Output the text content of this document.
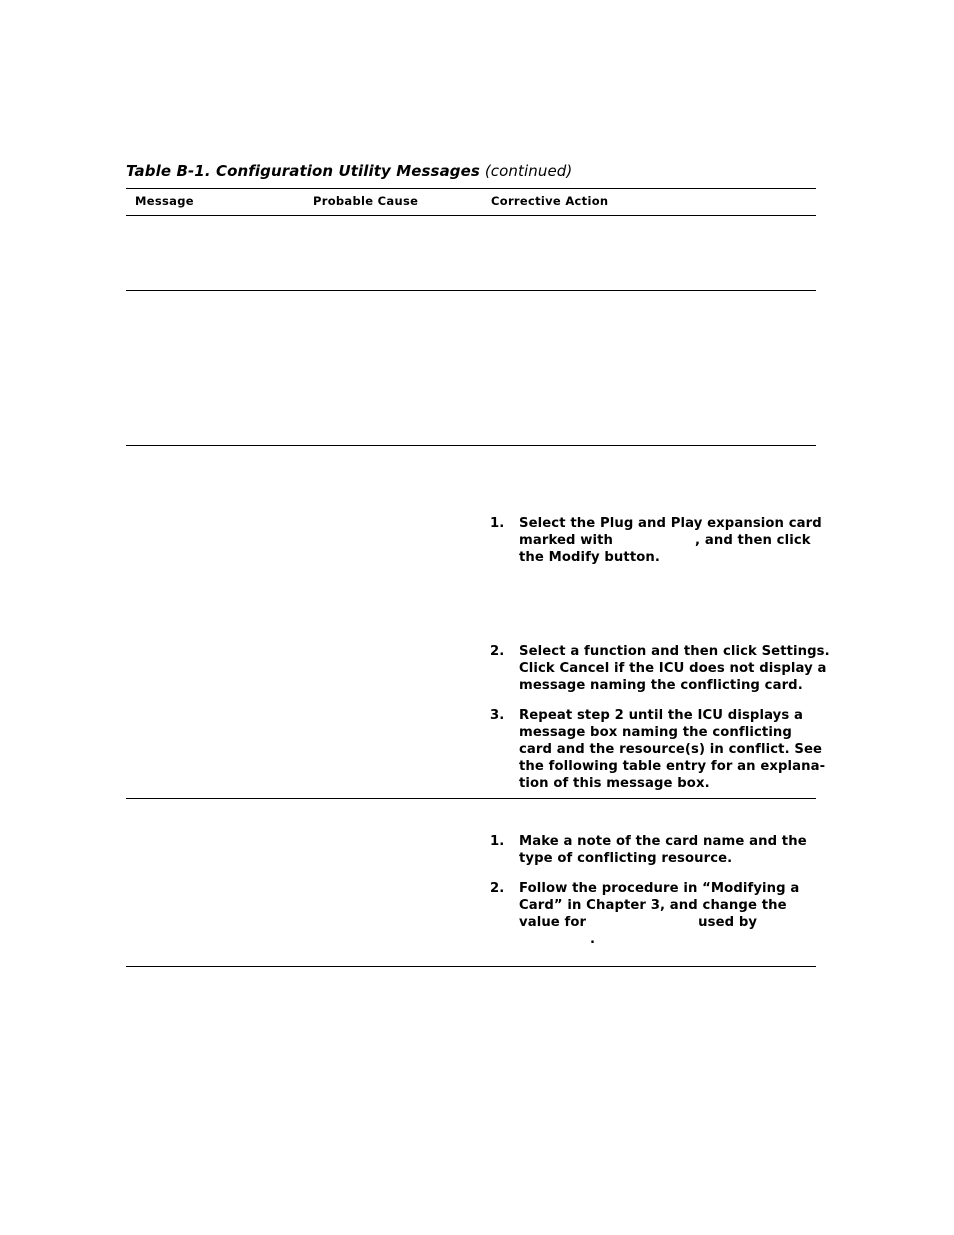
Table B-1. Configuration Utility Messages (continued)
Message	Probable Cause	Corrective Action
1. Select the Plug and Play expansion card
marked with	, and then click
the Modify button.
2. Select a function and then click Settings.
Click Cancel if the ICU does not display a
message naming the conflicting card.
3. Repeat step 2 until the ICU displays a
message box naming the conflicting
card and the resource(s) in conflict. See
the following table entry for an explana-
tion of this message box.
1. Make a note of the card name and the
type of conflicting resource.
2. Follow the procedure in “Modifying a
Card” in Chapter 3, and change the
value for	used by
.
